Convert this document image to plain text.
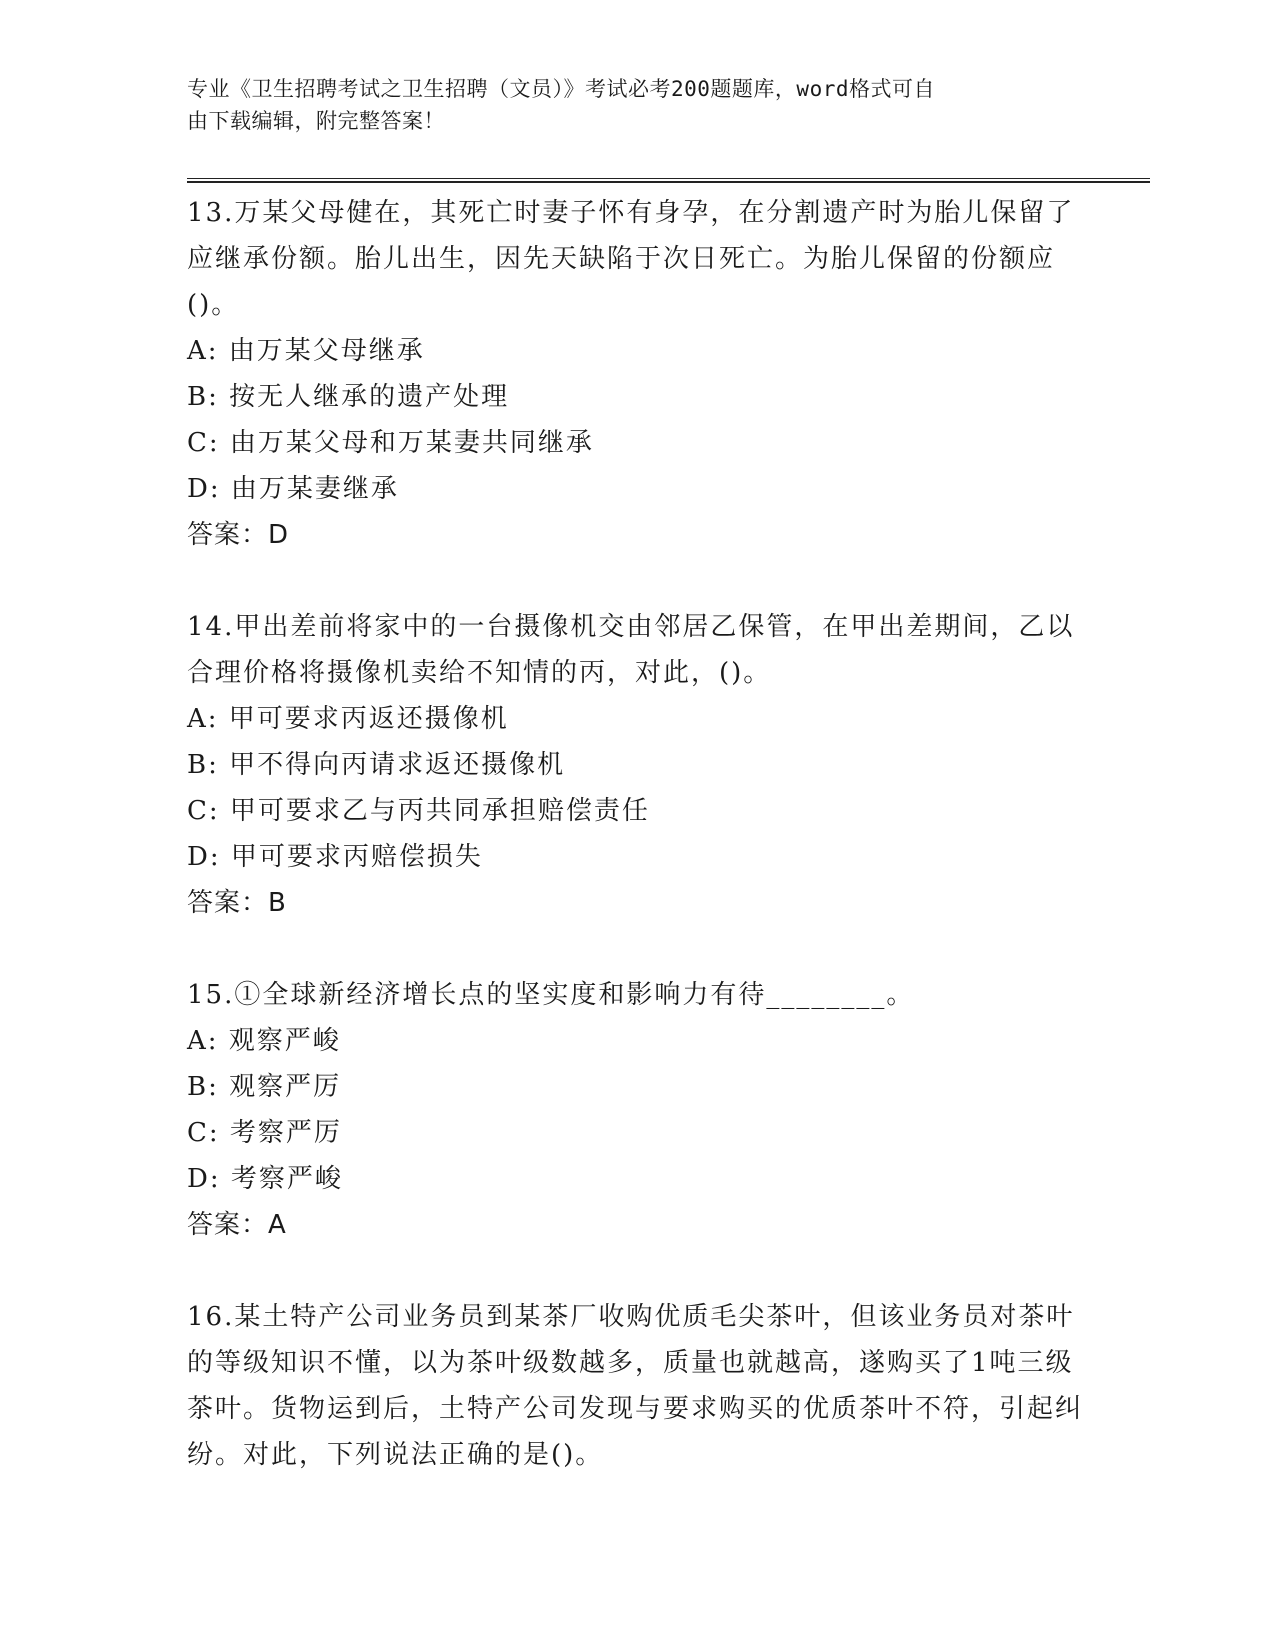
专业《卫生招聘考试之卫生招聘（文员）》考试必考200题题库，word格式可自
由下载编辑，附完整答案！

13.万某父母健在，其死亡时妻子怀有身孕，在分割遗产时为胎儿保留了应继承份额。胎儿出生，因先天缺陷于次日死亡。为胎儿保留的份额应()。

A: 由万某父母继承
B: 按无人继承的遗产处理
C: 由万某父母和万某妻共同继承
D: 由万某妻继承
答案：D

14.甲出差前将家中的一台摄像机交由邻居乙保管，在甲出差期间，乙以合理价格将摄像机卖给不知情的丙，对此，()。

A: 甲可要求丙返还摄像机
B: 甲不得向丙请求返还摄像机
C: 甲可要求乙与丙共同承担赔偿责任
D: 甲可要求丙赔偿损失
答案：B

15.①全球新经济增长点的坚实度和影响力有待________。

A: 观察严峻
B: 观察严厉
C: 考察严厉
D: 考察严峻
答案：A

16.某土特产公司业务员到某茶厂收购优质毛尖茶叶，但该业务员对茶叶的等级知识不懂，以为茶叶级数越多，质量也就越高，遂购买了1吨三级茶叶。货物运到后，土特产公司发现与要求购买的优质茶叶不符，引起纠纷。对此，下列说法正确的是()。
